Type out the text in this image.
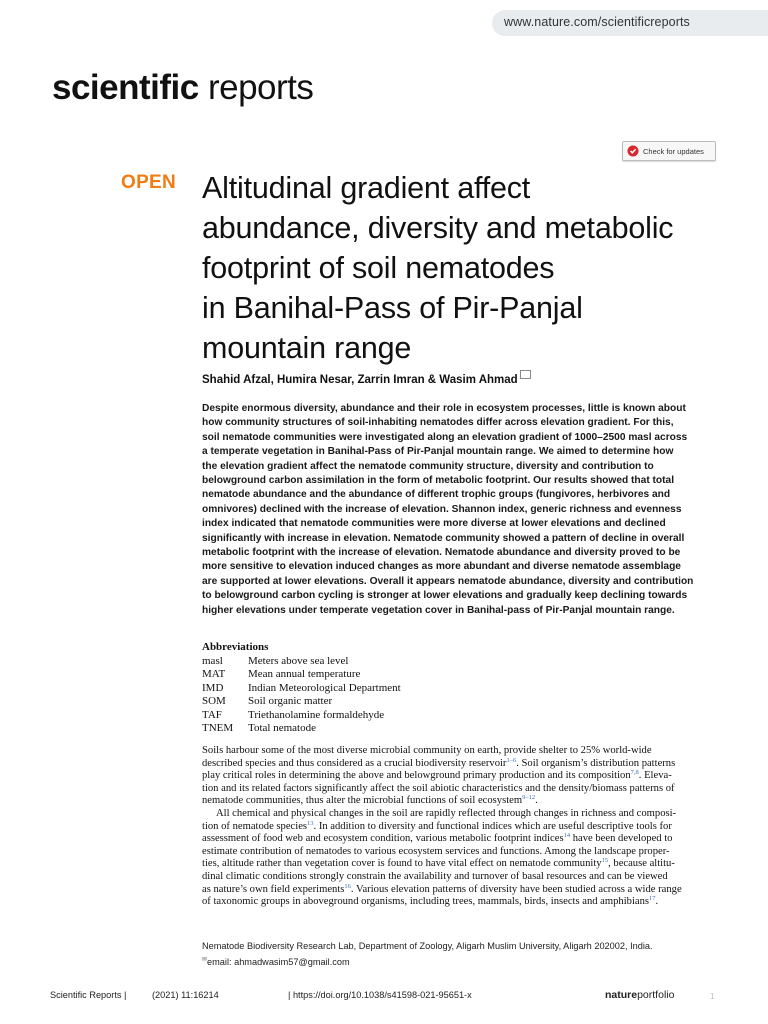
www.nature.com/scientificreports
scientific reports
Check for updates
OPEN Altitudinal gradient affect
abundance, diversity and metabolic
footprint of soil nematodes
in Banihal‑Pass of Pir‑Panjal
mountain range
Shahid Afzal, Humira Nesar, Zarrin Imran & Wasim Ahmad
Despite enormous diversity, abundance and their role in ecosystem processes, little is known about
how community structures of soil-inhabiting nematodes differ across elevation gradient. For this,
soil nematode communities were investigated along an elevation gradient of 1000–2500 masl across
a temperate vegetation in Banihal-Pass of Pir-Panjal mountain range. We aimed to determine how
the elevation gradient affect the nematode community structure, diversity and contribution to
belowground carbon assimilation in the form of metabolic footprint. Our results showed that total
nematode abundance and the abundance of different trophic groups (fungivores, herbivores and
omnivores) declined with the increase of elevation. Shannon index, generic richness and evenness
index indicated that nematode communities were more diverse at lower elevations and declined
significantly with increase in elevation. Nematode community showed a pattern of decline in overall
metabolic footprint with the increase of elevation. Nematode abundance and diversity proved to be
more sensitive to elevation induced changes as more abundant and diverse nematode assemblage
are supported at lower elevations. Overall it appears nematode abundance, diversity and contribution
to belowground carbon cycling is stronger at lower elevations and gradually keep declining towards
higher elevations under temperate vegetation cover in Banihal-pass of Pir-Panjal mountain range.
Abbreviations
masl	Meters above sea level
MAT	Mean annual temperature
IMD	Indian Meteorological Department
SOM	Soil organic matter
TAF	Triethanolamine formaldehyde
TNEM	Total nematode
Soils harbour some of the most diverse microbial community on earth, provide shelter to 25% world-wide
described species and thus considered as a crucial biodiversity reservoir$^{1-6}$. Soil organism’s distribution patterns
play critical roles in determining the above and belowground primary production and its composition$^{7,8}$. Eleva-
tion and its related factors significantly affect the soil abiotic characteristics and the density/biomass patterns of
nematode communities, thus alter the microbial functions of soil ecosystem$^{9-12}$.
All chemical and physical changes in the soil are rapidly reflected through changes in richness and composi-
tion of nematode species$^{13}$. In addition to diversity and functional indices which are useful descriptive tools for
assessment of food web and ecosystem condition, various metabolic footprint indices$^{14}$ have been developed to
estimate contribution of nematodes to various ecosystem services and functions. Among the landscape proper-
ties, altitude rather than vegetation cover is found to have vital effect on nematode community$^{15}$, because altitu-
dinal climatic conditions strongly constrain the availability and turnover of basal resources and can be viewed
as nature’s own field experiments$^{16}$. Various elevation patterns of diversity have been studied across a wide range
of taxonomic groups in aboveground organisms, including trees, mammals, birds, insects and amphibians$^{17}$.
Nematode Biodiversity Research Lab, Department of Zoology, Aligarh Muslim University, Aligarh 202002, India.
✉email: ahmadwasim57@gmail.com
Scientific Reports |	(2021) 11:16214	| https://doi.org/10.1038/s41598-021-95651-x	natureportfolio	1
